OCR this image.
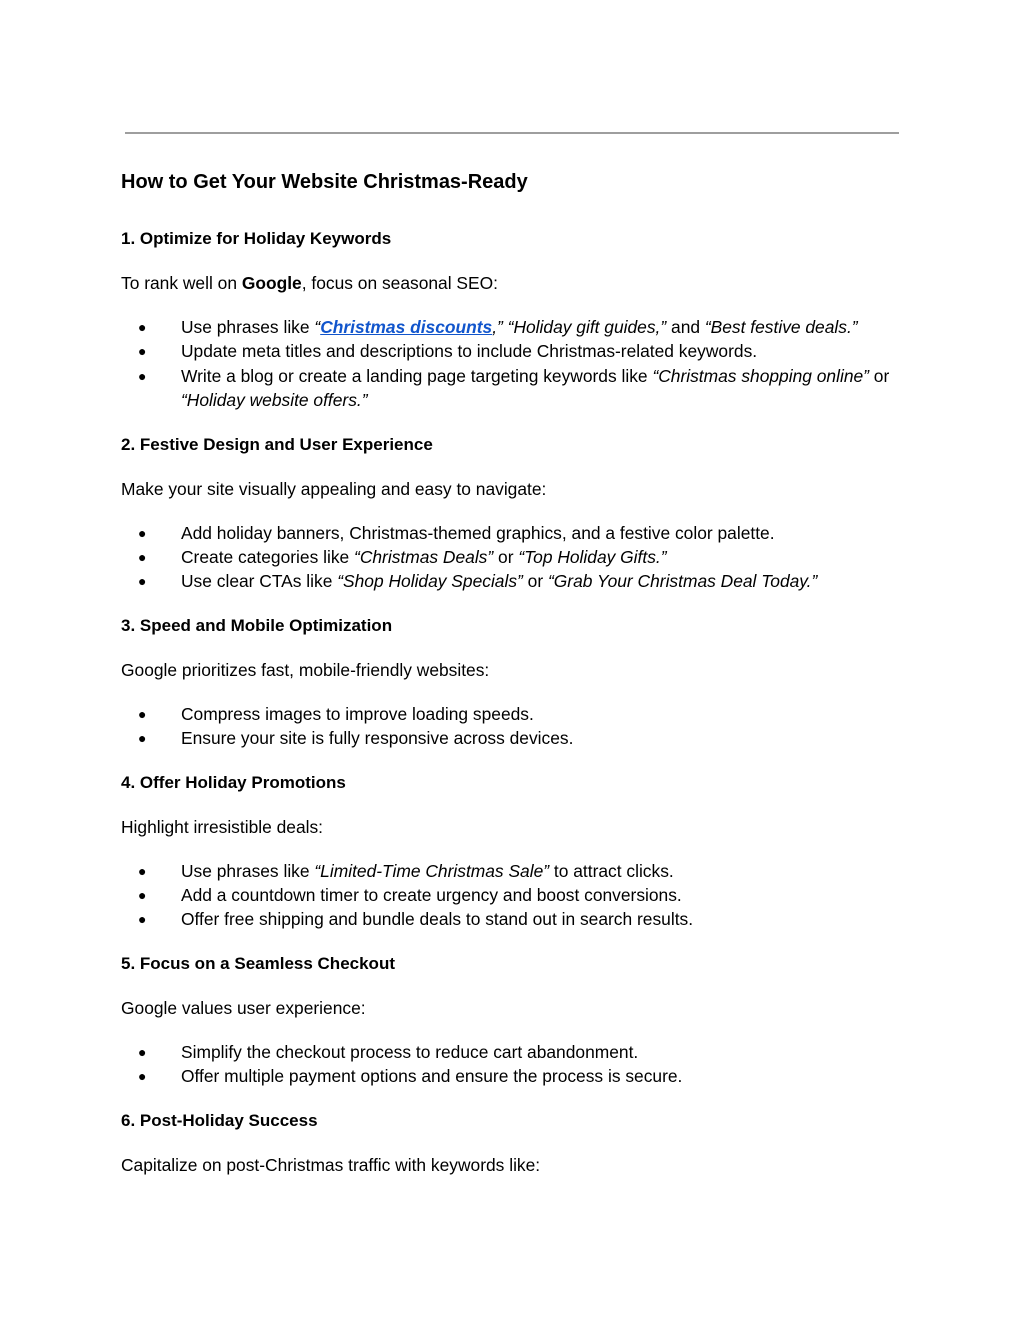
How to Get Your Website Christmas-Ready
1. Optimize for Holiday Keywords

To rank well on Google, focus on seasonal SEO:

● Use phrases like “Christmas discounts,” “Holiday gift guides,” and “Best festive deals.”
● Update meta titles and descriptions to include Christmas-related keywords.
● Write a blog or create a landing page targeting keywords like “Christmas shopping online” or “Holiday website offers.”
2. Festive Design and User Experience

Make your site visually appealing and easy to navigate:

● Add holiday banners, Christmas-themed graphics, and a festive color palette.
● Create categories like “Christmas Deals” or “Top Holiday Gifts.”
● Use clear CTAs like “Shop Holiday Specials” or “Grab Your Christmas Deal Today.”
3. Speed and Mobile Optimization

Google prioritizes fast, mobile-friendly websites:

● Compress images to improve loading speeds.
● Ensure your site is fully responsive across devices.
4. Offer Holiday Promotions

Highlight irresistible deals:

● Use phrases like “Limited-Time Christmas Sale” to attract clicks.
● Add a countdown timer to create urgency and boost conversions.
● Offer free shipping and bundle deals to stand out in search results.
5. Focus on a Seamless Checkout

Google values user experience:

● Simplify the checkout process to reduce cart abandonment.
● Offer multiple payment options and ensure the process is secure.
6. Post-Holiday Success

Capitalize on post-Christmas traffic with keywords like:
